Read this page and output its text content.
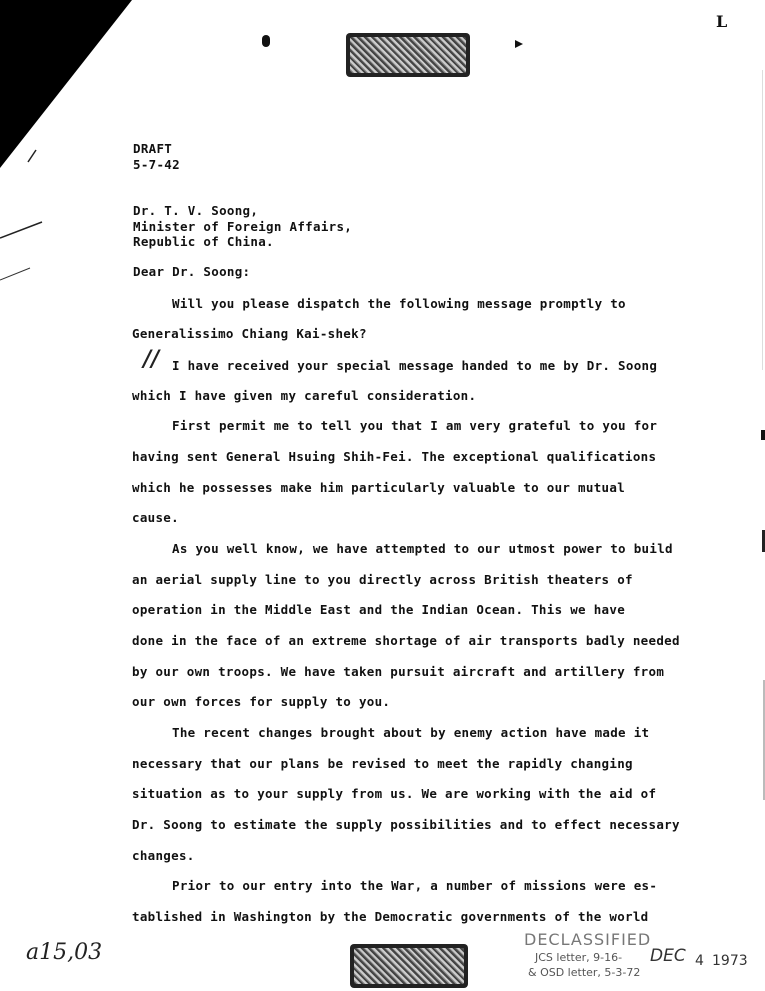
L
DRAFT
5-7-42
Dr. T. V. Soong,
Minister of Foreign Affairs,
Republic of China.
Dear Dr. Soong:
Will you please dispatch the following message promptly to
Generalissimo Chiang Kai-shek?
I have received your special message handed to me by Dr. Soong
which I have given my careful consideration.
First permit me to tell you that I am very grateful to you for
having sent General Hsuing Shih-Fei. The exceptional qualifications
which he possesses make him particularly valuable to our mutual
cause.
As you well know, we have attempted to our utmost power to build
an aerial supply line to you directly across British theaters of
operation in the Middle East and the Indian Ocean. This we have
done in the face of an extreme shortage of air transports badly needed
by our own troops. We have taken pursuit aircraft and artillery from
our own forces for supply to you.
The recent changes brought about by enemy action have made it
necessary that our plans be revised to meet the rapidly changing
situation as to your supply from us. We are working with the aid of
Dr. Soong to estimate the supply possibilities and to effect necessary
changes.
Prior to our entry into the War, a number of missions were es-
tablished in Washington by the Democratic governments of the world
//
a15,03
DECLASSIFIED
JCS letter, 9-16- DEC
& OSD letter, 5-3-72
4 1973
